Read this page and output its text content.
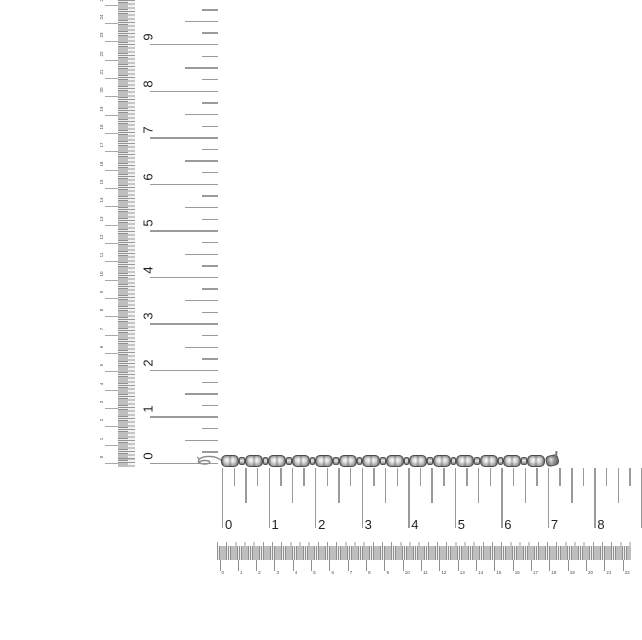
0
1
2
3
4
5
6
7
8
9
0
1
2
3
4
5
6
7
8
9
10
11
12
13
14
15
16
17
18
19
20
21
22
23
24
0	1	2	3	4	5	6	7	8
0	1	2	3	4	5	6	7	8	9	10	11	12	13	14	15	16	17	18	19	20	21	22
